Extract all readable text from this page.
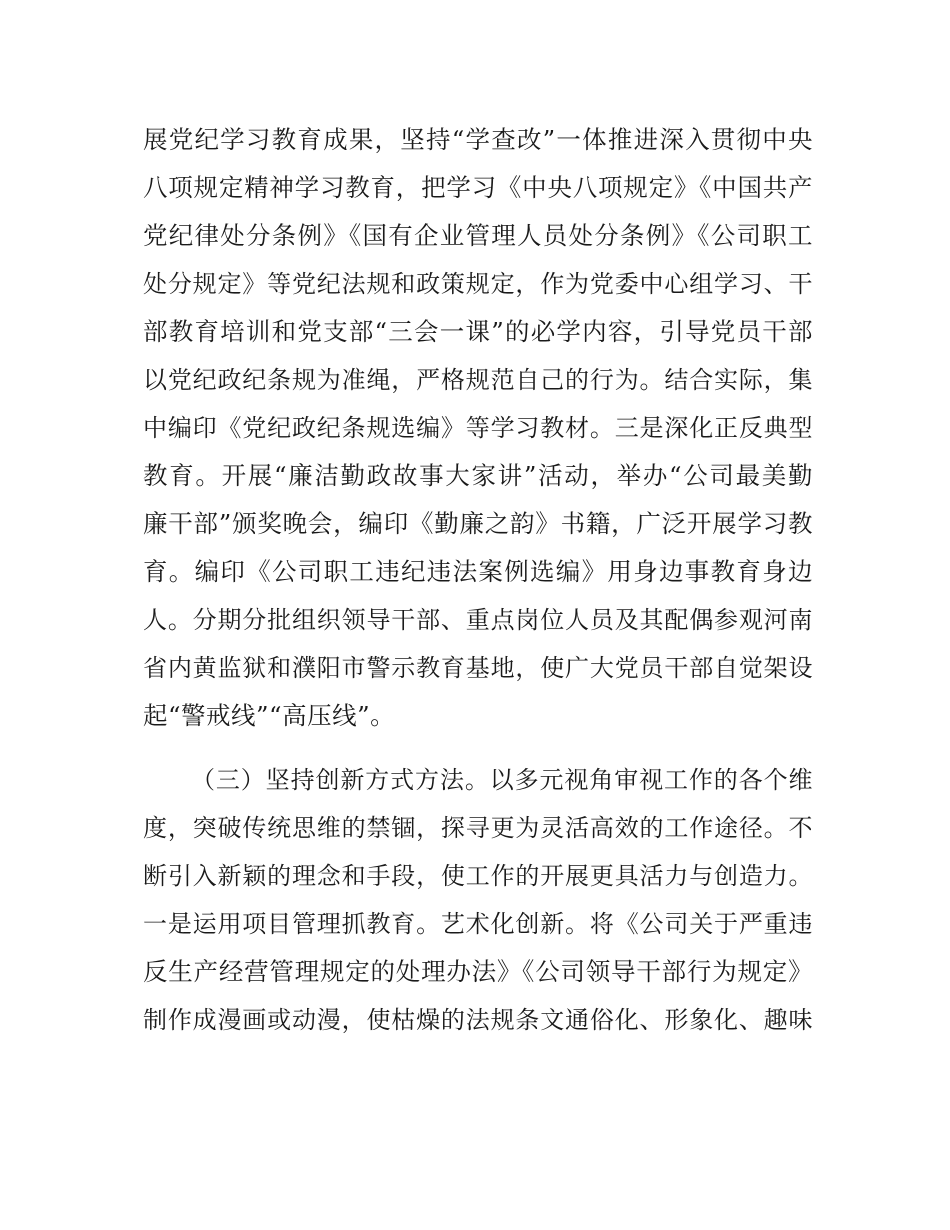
展党纪学习教育成果，坚持“学查改”一体推进深入贯彻中央
八项规定精神学习教育，把学习《中央八项规定》《中国共产
党纪律处分条例》《国有企业管理人员处分条例》《公司职工
处分规定》等党纪法规和政策规定，作为党委中心组学习、干
部教育培训和党支部“三会一课”的必学内容，引导党员干部
以党纪政纪条规为准绳，严格规范自己的行为。结合实际，集
中编印《党纪政纪条规选编》等学习教材。三是深化正反典型
教育。开展“廉洁勤政故事大家讲”活动，举办“公司最美勤
廉干部”颁奖晚会，编印《勤廉之韵》书籍，广泛开展学习教
育。编印《公司职工违纪违法案例选编》用身边事教育身边
人。分期分批组织领导干部、重点岗位人员及其配偶参观河南
省内黄监狱和濮阳市警示教育基地，使广大党员干部自觉架设
起“警戒线”“高压线”。
（三）坚持创新方式方法。以多元视角审视工作的各个维
度，突破传统思维的禁锢，探寻更为灵活高效的工作途径。不
断引入新颖的理念和手段，使工作的开展更具活力与创造力。
一是运用项目管理抓教育。艺术化创新。将《公司关于严重违
反生产经营管理规定的处理办法》《公司领导干部行为规定》
制作成漫画或动漫，使枯燥的法规条文通俗化、形象化、趣味
